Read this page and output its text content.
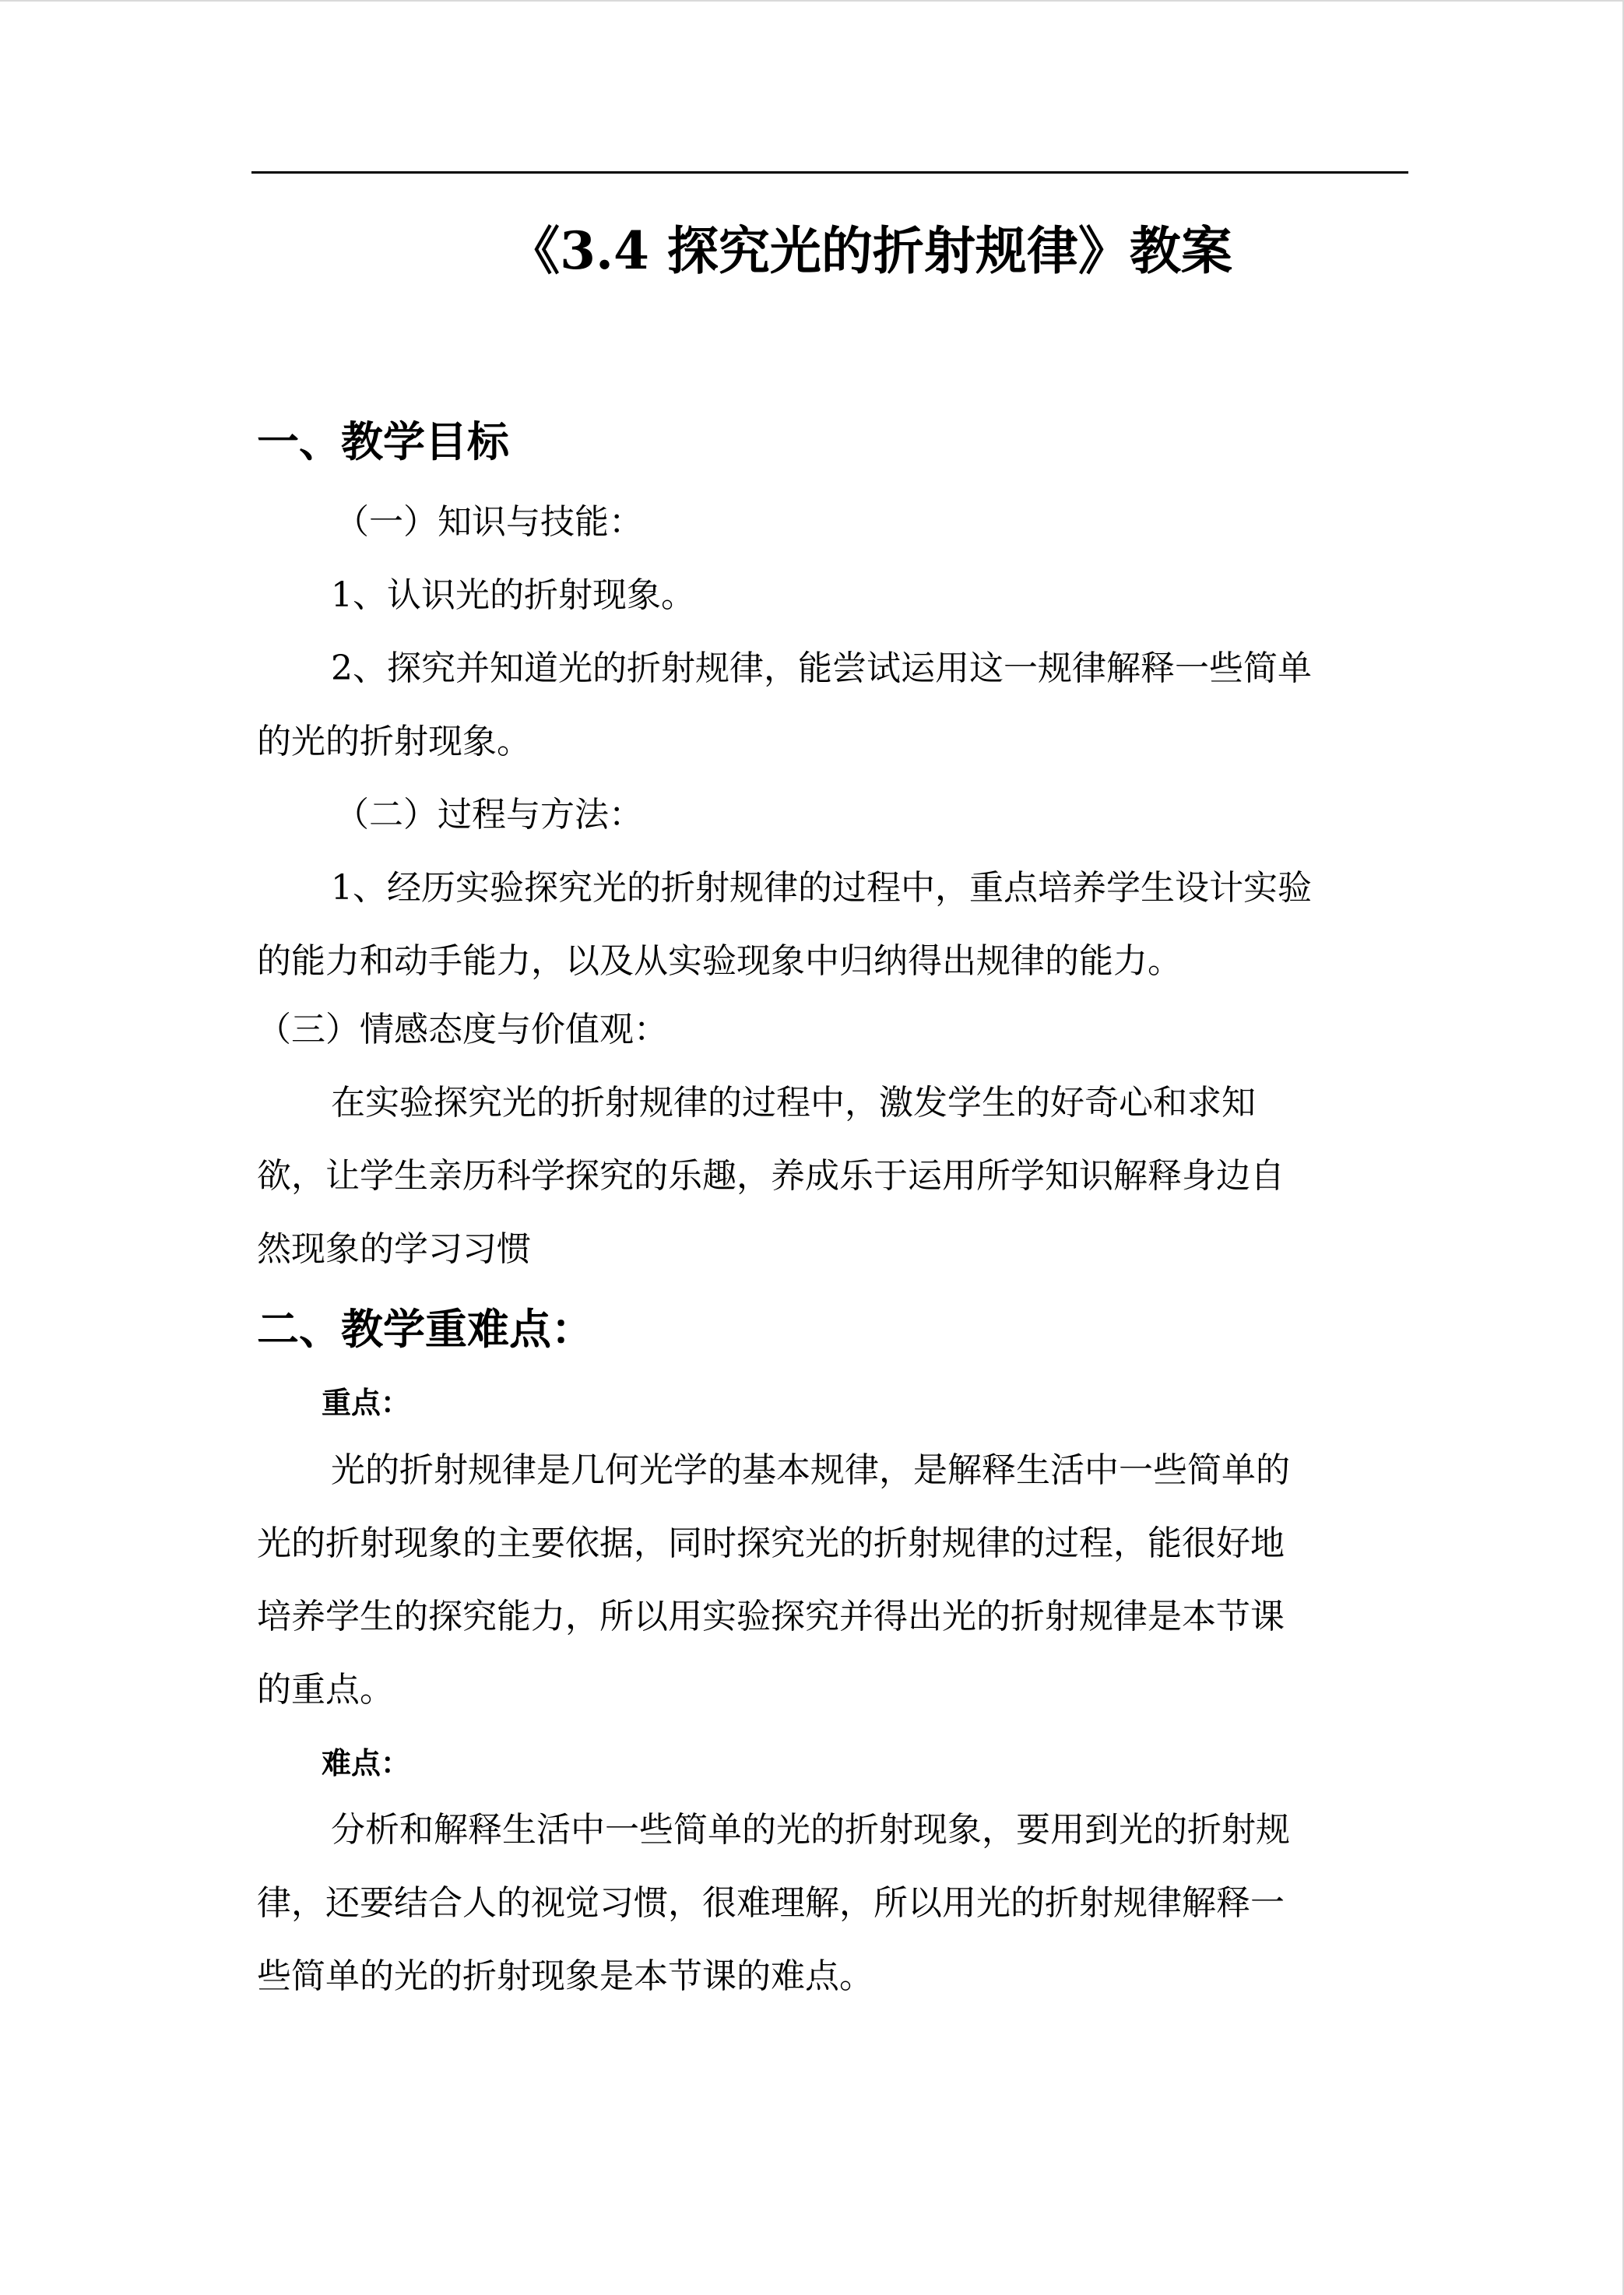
《3.4 探究光的折射规律》教案
一、教学目标
（一）知识与技能：
1、认识光的折射现象。
2、探究并知道光的折射规律，能尝试运用这一规律解释一些简单
的光的折射现象。
（二）过程与方法：
1、经历实验探究光的折射规律的过程中，重点培养学生设计实验
的能力和动手能力，以及从实验现象中归纳得出规律的能力。
（三）情感态度与价值观：
在实验探究光的折射规律的过程中，激发学生的好奇心和求知
欲，让学生亲历科学探究的乐趣，养成乐于运用所学知识解释身边自
然现象的学习习惯
二、教学重难点：
重点：
光的折射规律是几何光学的基本规律，是解释生活中一些简单的
光的折射现象的主要依据，同时探究光的折射规律的过程，能很好地
培养学生的探究能力，所以用实验探究并得出光的折射规律是本节课
的重点。
难点：
分析和解释生活中一些简单的光的折射现象，要用到光的折射规
律，还要结合人的视觉习惯，很难理解，所以用光的折射规律解释一
些简单的光的折射现象是本节课的难点。
